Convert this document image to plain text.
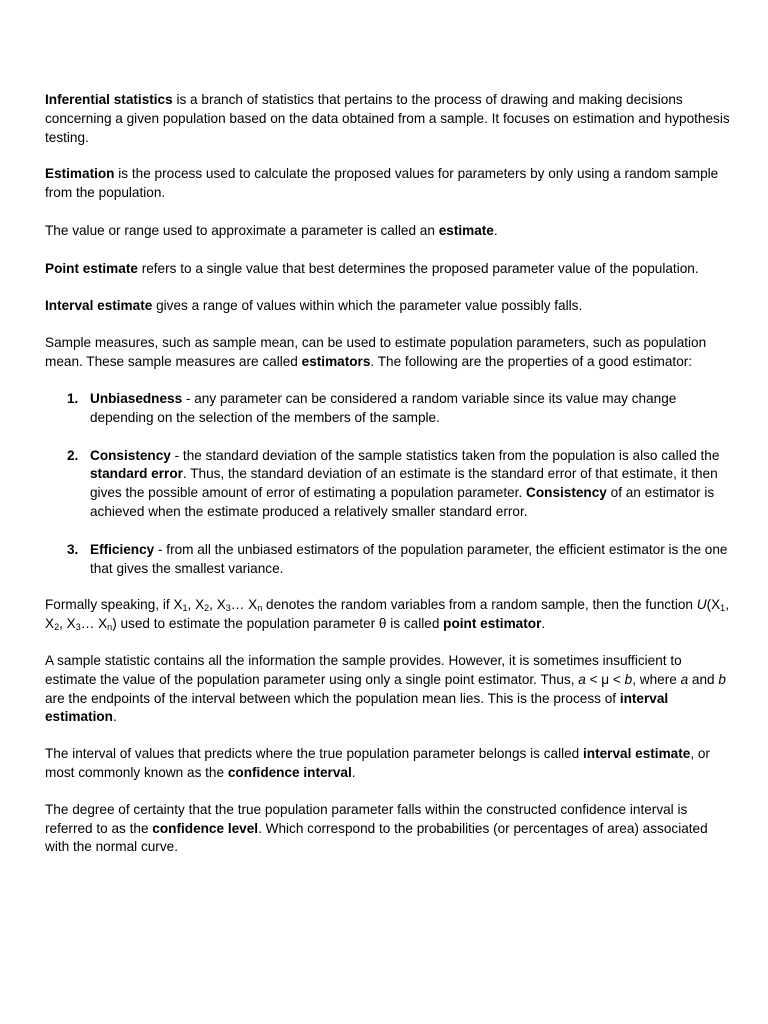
Inferential statistics is a branch of statistics that pertains to the process of drawing and making decisions concerning a given population based on the data obtained from a sample. It focuses on estimation and hypothesis testing.

Estimation is the process used to calculate the proposed values for parameters by only using a random sample from the population.

The value or range used to approximate a parameter is called an estimate.

Point estimate refers to a single value that best determines the proposed parameter value of the population.

Interval estimate gives a range of values within which the parameter value possibly falls.

Sample measures, such as sample mean, can be used to estimate population parameters, such as population mean. These sample measures are called estimators. The following are the properties of a good estimator:

1. Unbiasedness - any parameter can be considered a random variable since its value may change depending on the selection of the members of the sample.
2. Consistency - the standard deviation of the sample statistics taken from the population is also called the standard error. Thus, the standard deviation of an estimate is the standard error of that estimate, it then gives the possible amount of error of estimating a population parameter. Consistency of an estimator is achieved when the estimate produced a relatively smaller standard error.
3. Efficiency - from all the unbiased estimators of the population parameter, the efficient estimator is the one that gives the smallest variance.

Formally speaking, if $X_1$, $X_2$, $X_3\dots$ $X_n$ denotes the random variables from a random sample, then the function $U(X_1$, $X_2$, $X_3\dots$ $X_n$) used to estimate the population parameter θ is called point estimator.

A sample statistic contains all the information the sample provides. However, it is sometimes insufficient to estimate the value of the population parameter using only a single point estimator. Thus, a < μ < b, where a and b are the endpoints of the interval between which the population mean lies. This is the process of interval estimation.

The interval of values that predicts where the true population parameter belongs is called interval estimate, or most commonly known as the confidence interval.

The degree of certainty that the true population parameter falls within the constructed confidence interval is referred to as the confidence level. Which correspond to the probabilities (or percentages of area) associated with the normal curve.
